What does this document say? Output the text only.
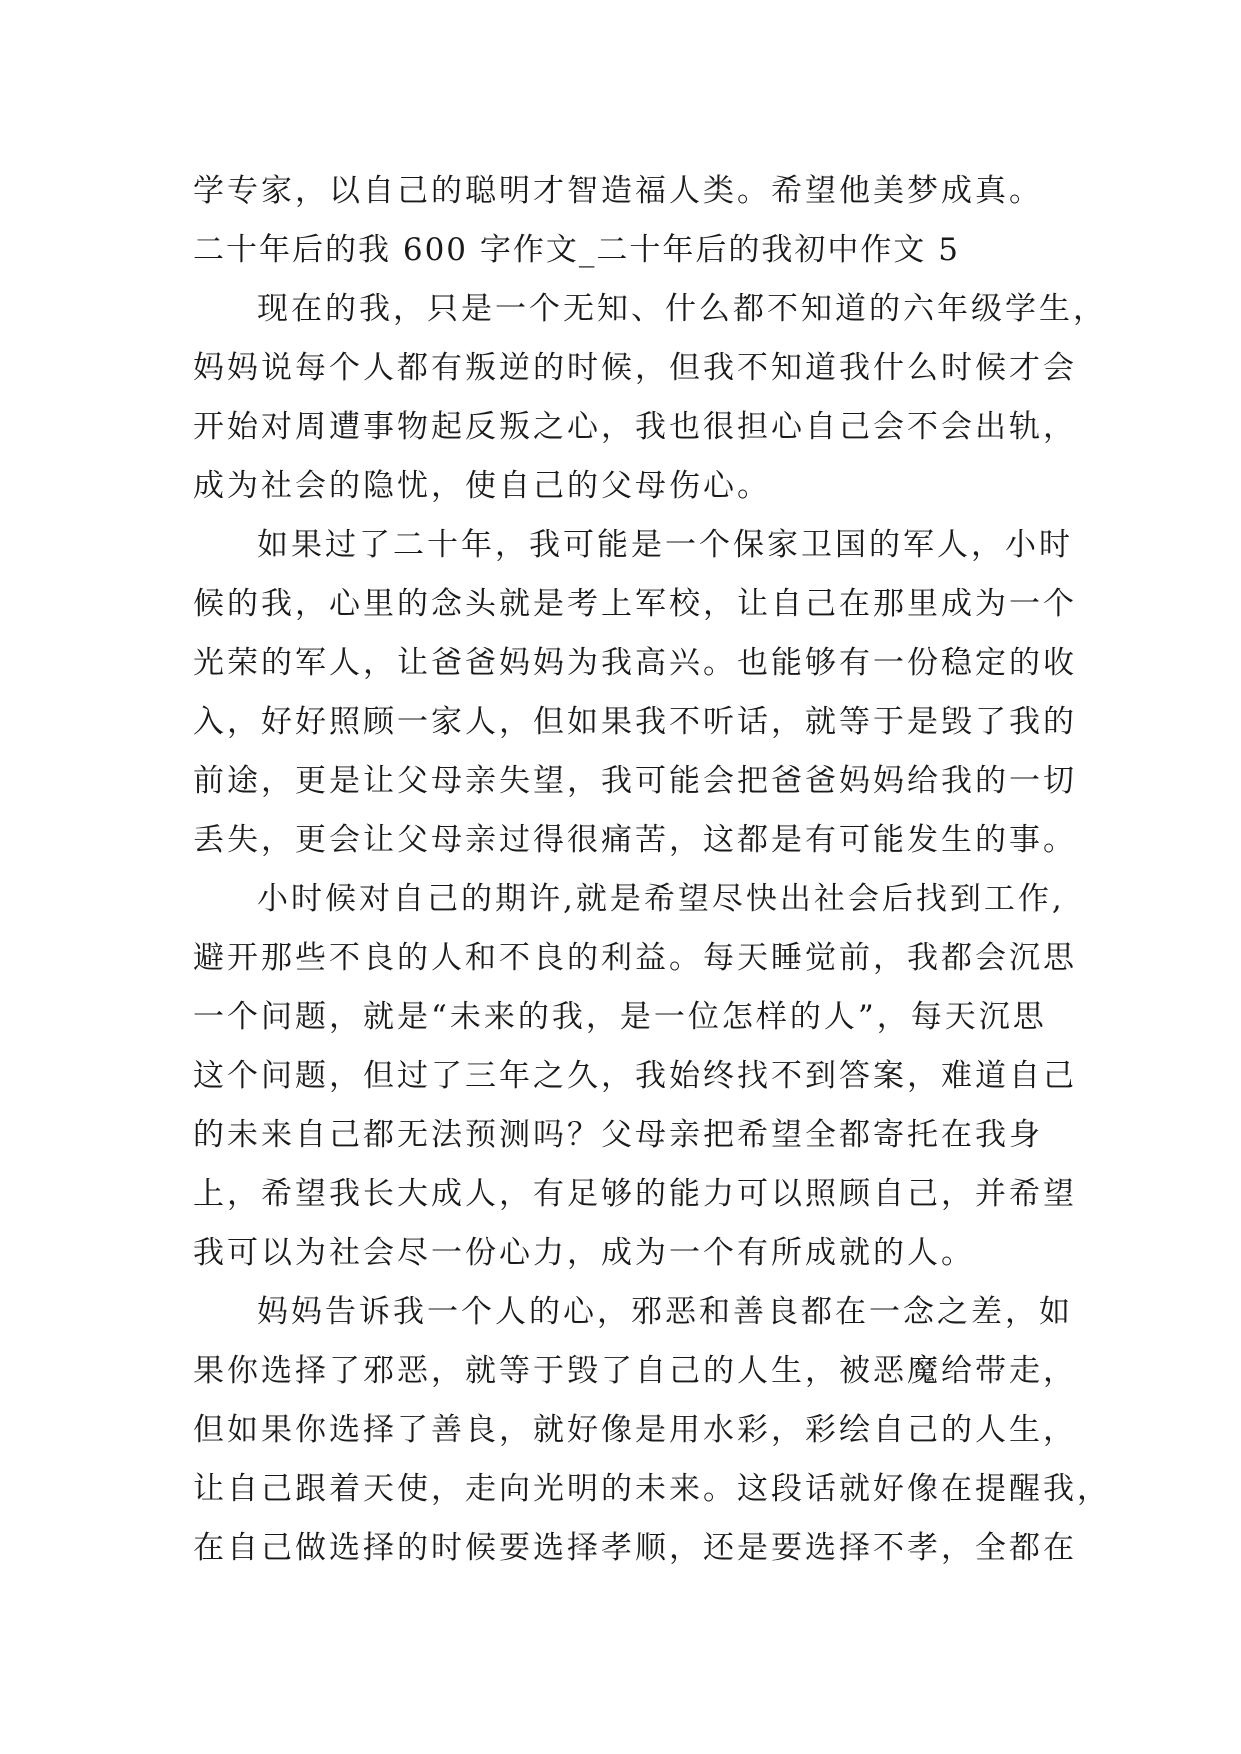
学专家，以自己的聪明才智造福人类。希望他美梦成真。
二十年后的我 600 字作文_二十年后的我初中作文 5
现在的我，只是一个无知、什么都不知道的六年级学生，
妈妈说每个人都有叛逆的时候，但我不知道我什么时候才会
开始对周遭事物起反叛之心，我也很担心自己会不会出轨，
成为社会的隐忧，使自己的父母伤心。
如果过了二十年，我可能是一个保家卫国的军人，小时
候的我，心里的念头就是考上军校，让自己在那里成为一个
光荣的军人，让爸爸妈妈为我高兴。也能够有一份稳定的收
入，好好照顾一家人，但如果我不听话，就等于是毁了我的
前途，更是让父母亲失望，我可能会把爸爸妈妈给我的一切
丢失，更会让父母亲过得很痛苦，这都是有可能发生的事。
小时候对自己的期许,就是希望尽快出社会后找到工作,
避开那些不良的人和不良的利益。每天睡觉前，我都会沉思
一个问题，就是“未来的我，是一位怎样的人”，每天沉思
这个问题，但过了三年之久，我始终找不到答案，难道自己
的未来自己都无法预测吗？父母亲把希望全都寄托在我身
上，希望我长大成人，有足够的能力可以照顾自己，并希望
我可以为社会尽一份心力，成为一个有所成就的人。
妈妈告诉我一个人的心，邪恶和善良都在一念之差，如
果你选择了邪恶，就等于毁了自己的人生，被恶魔给带走，
但如果你选择了善良，就好像是用水彩，彩绘自己的人生，
让自己跟着天使，走向光明的未来。这段话就好像在提醒我，
在自己做选择的时候要选择孝顺，还是要选择不孝，全都在
